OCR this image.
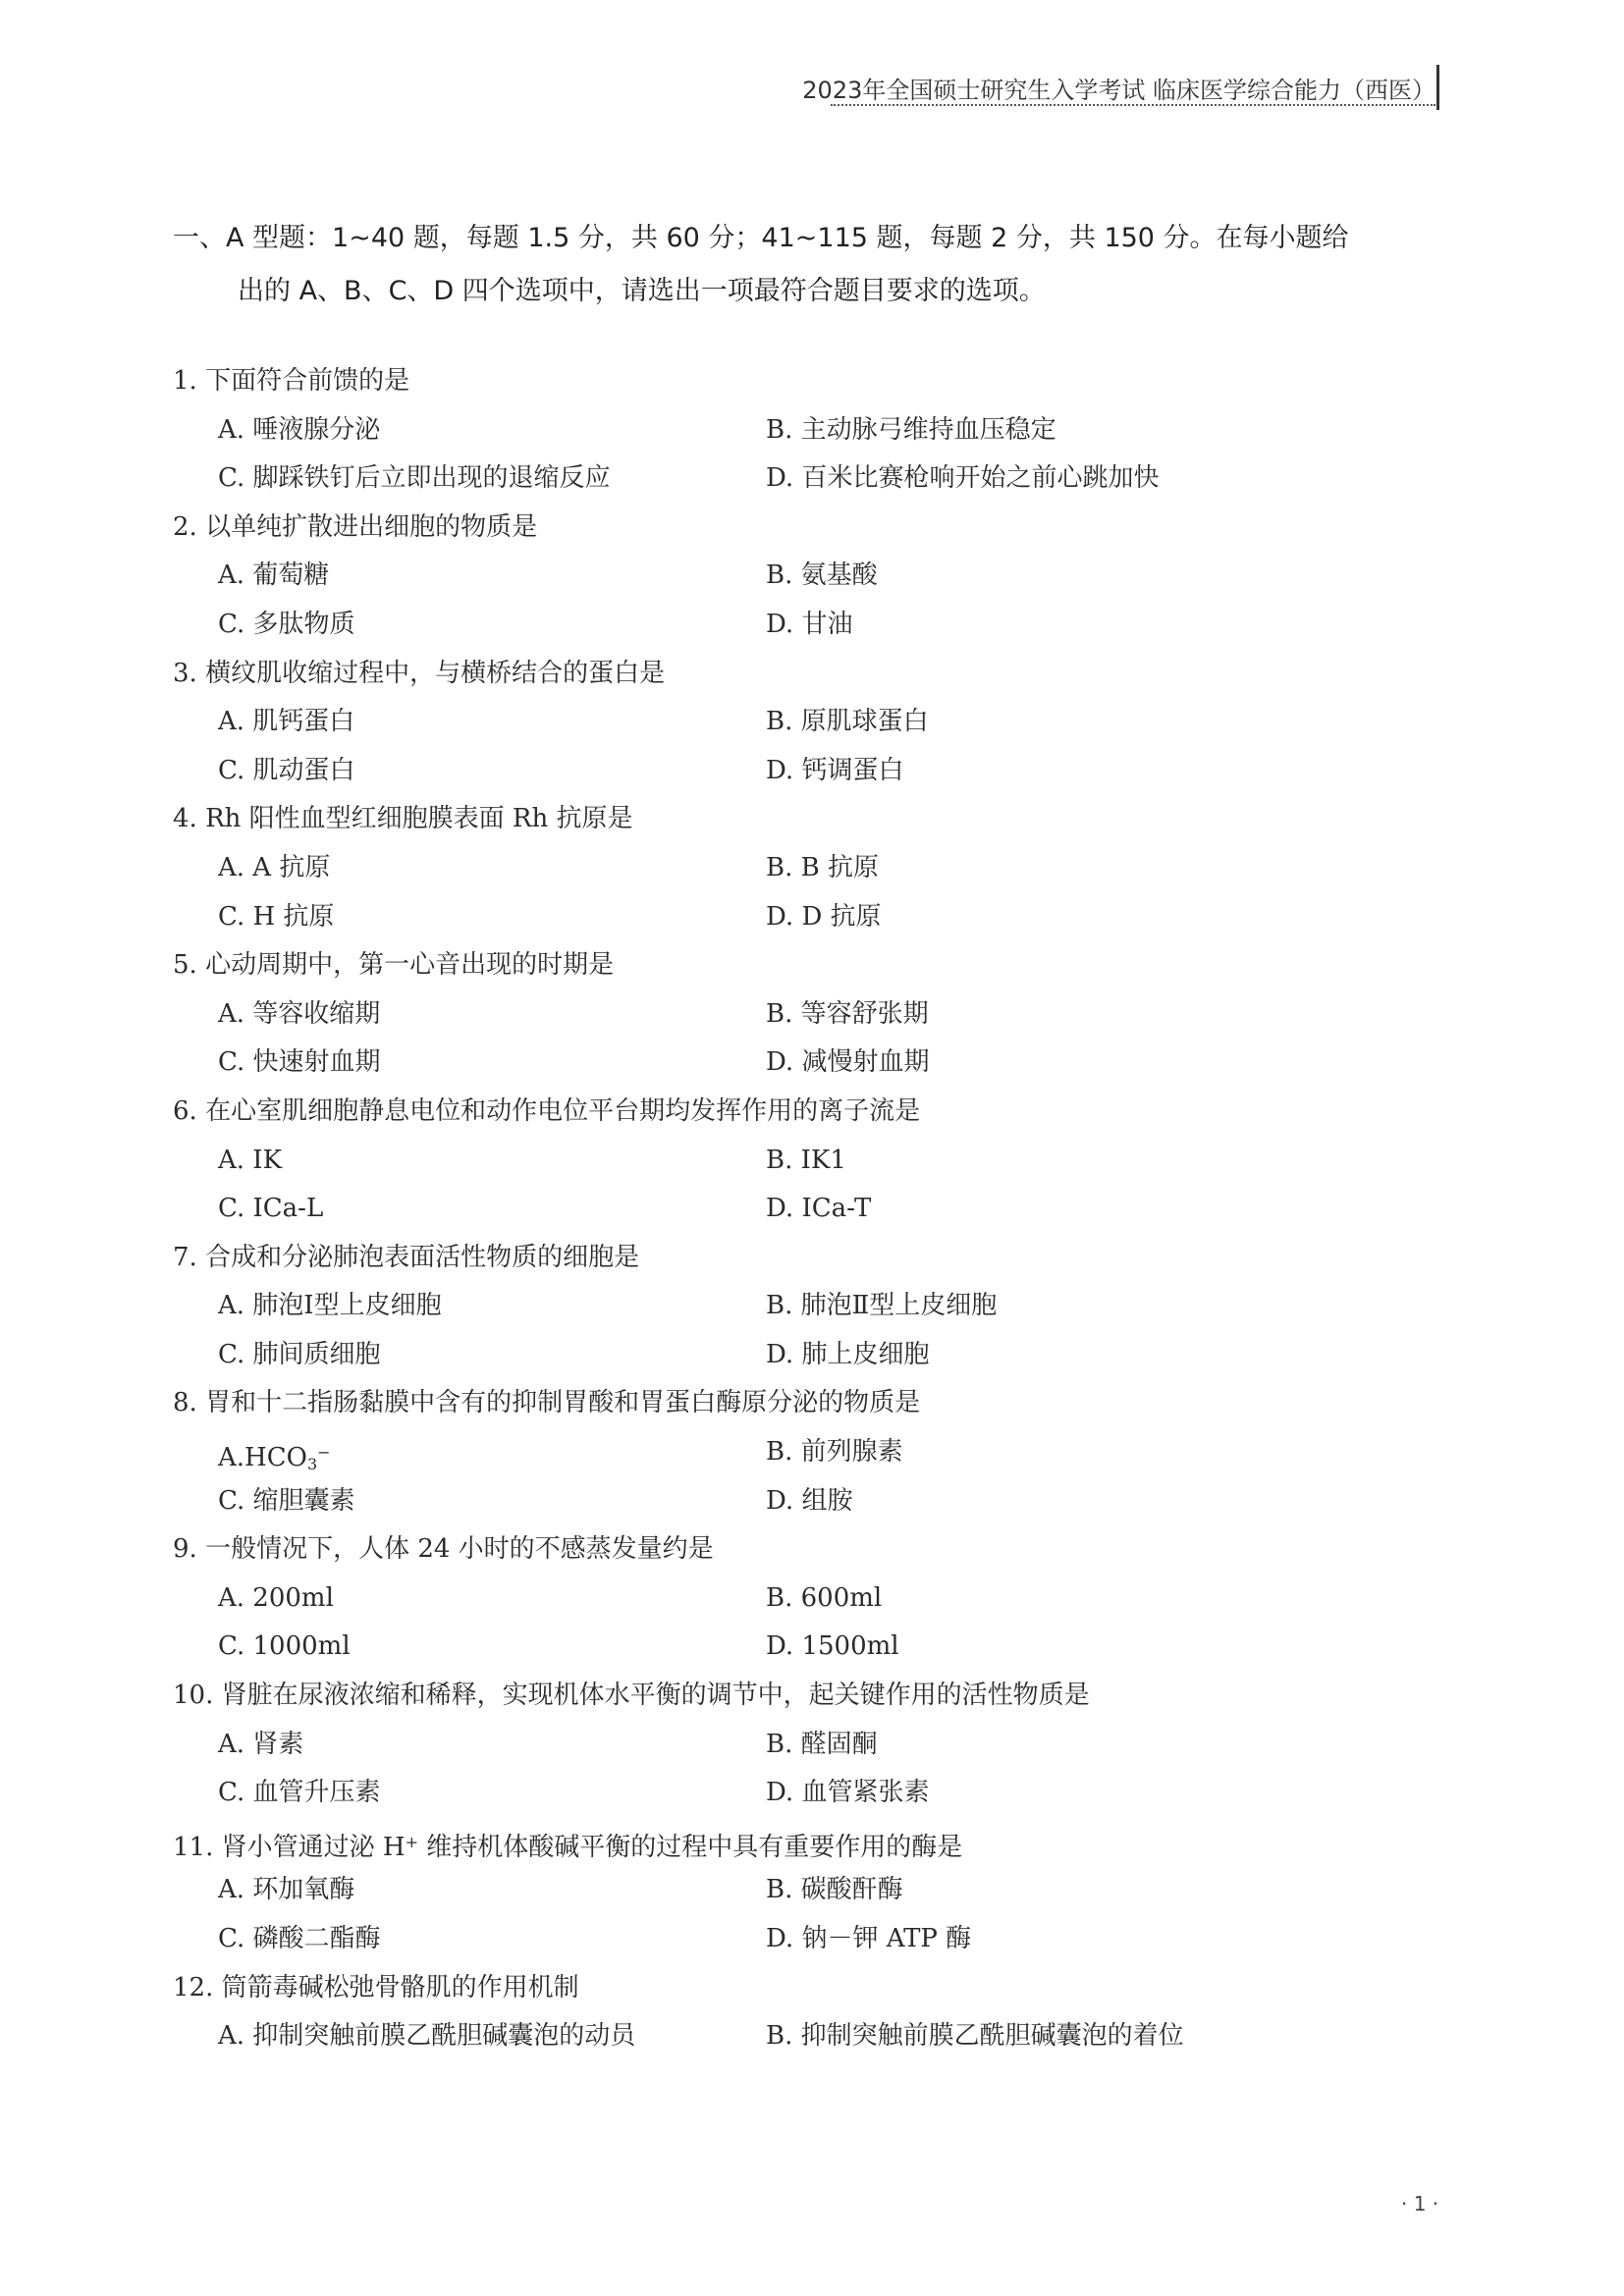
2023年全国硕士研究生入学考试 临床医学综合能力（西医）
一、A 型题：1~40 题，每题 1.5 分，共 60 分；41~115 题，每题 2 分，共 150 分。在每小题给
出的 A、B、C、D 四个选项中，请选出一项最符合题目要求的选项。
1. 下面符合前馈的是
A. 唾液腺分泌	B. 主动脉弓维持血压稳定
C. 脚踩铁钉后立即出现的退缩反应	D. 百米比赛枪响开始之前心跳加快
2. 以单纯扩散进出细胞的物质是
A. 葡萄糖	B. 氨基酸
C. 多肽物质	D. 甘油
3. 横纹肌收缩过程中，与横桥结合的蛋白是
A. 肌钙蛋白	B. 原肌球蛋白
C. 肌动蛋白	D. 钙调蛋白
4. Rh 阳性血型红细胞膜表面 Rh 抗原是
A. A 抗原	B. B 抗原
C. H 抗原	D. D 抗原
5. 心动周期中，第一心音出现的时期是
A. 等容收缩期	B. 等容舒张期
C. 快速射血期	D. 减慢射血期
6. 在心室肌细胞静息电位和动作电位平台期均发挥作用的离子流是
A. IK	B. IK1
C. ICa-L	D. ICa-T
7. 合成和分泌肺泡表面活性物质的细胞是
A. 肺泡Ⅰ型上皮细胞	B. 肺泡Ⅱ型上皮细胞
C. 肺间质细胞	D. 肺上皮细胞
8. 胃和十二指肠黏膜中含有的抑制胃酸和胃蛋白酶原分泌的物质是
$A.HCO_3^-$	B. 前列腺素
C. 缩胆囊素	D. 组胺
9. 一般情况下，人体 24 小时的不感蒸发量约是
A. 200ml	B. 600ml
C. 1000ml	D. 1500ml
10. 肾脏在尿液浓缩和稀释，实现机体水平衡的调节中，起关键作用的活性物质是
A. 肾素	B. 醛固酮
C. 血管升压素	D. 血管紧张素
11. 肾小管通过泌 H+ 维持机体酸碱平衡的过程中具有重要作用的酶是
A. 环加氧酶	B. 碳酸酐酶
C. 磷酸二酯酶	D. 钠－钾 ATP 酶
12. 筒箭毒碱松弛骨骼肌的作用机制
A. 抑制突触前膜乙酰胆碱囊泡的动员	B. 抑制突触前膜乙酰胆碱囊泡的着位
· 1 ·
